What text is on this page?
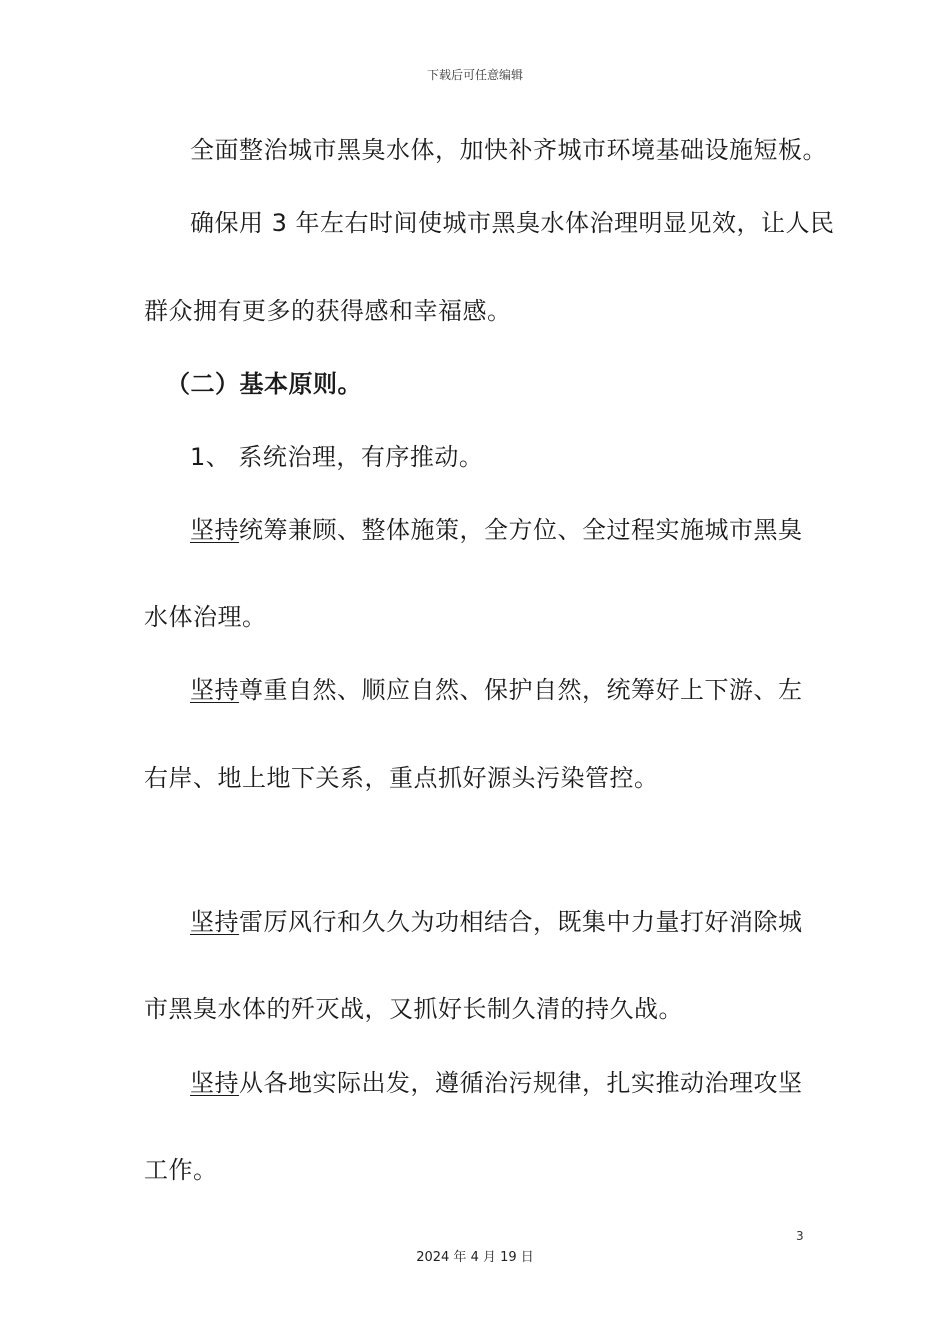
下载后可任意编辑
全面整治城市黑臭水体，加快补齐城市环境基础设施短板。
确保用 3 年左右时间使城市黑臭水体治理明显见效，让人民
群众拥有更多的获得感和幸福感。
（二）基本原则。
1、 系统治理，有序推动。
坚持统筹兼顾、整体施策，全方位、全过程实施城市黑臭
水体治理。
坚持尊重自然、顺应自然、保护自然，统筹好上下游、左
右岸、地上地下关系，重点抓好源头污染管控。
坚持雷厉风行和久久为功相结合，既集中力量打好消除城
市黑臭水体的歼灭战，又抓好长制久清的持久战。
坚持从各地实际出发，遵循治污规律，扎实推动治理攻坚
工作。
3
2024 年 4 月 19 日
